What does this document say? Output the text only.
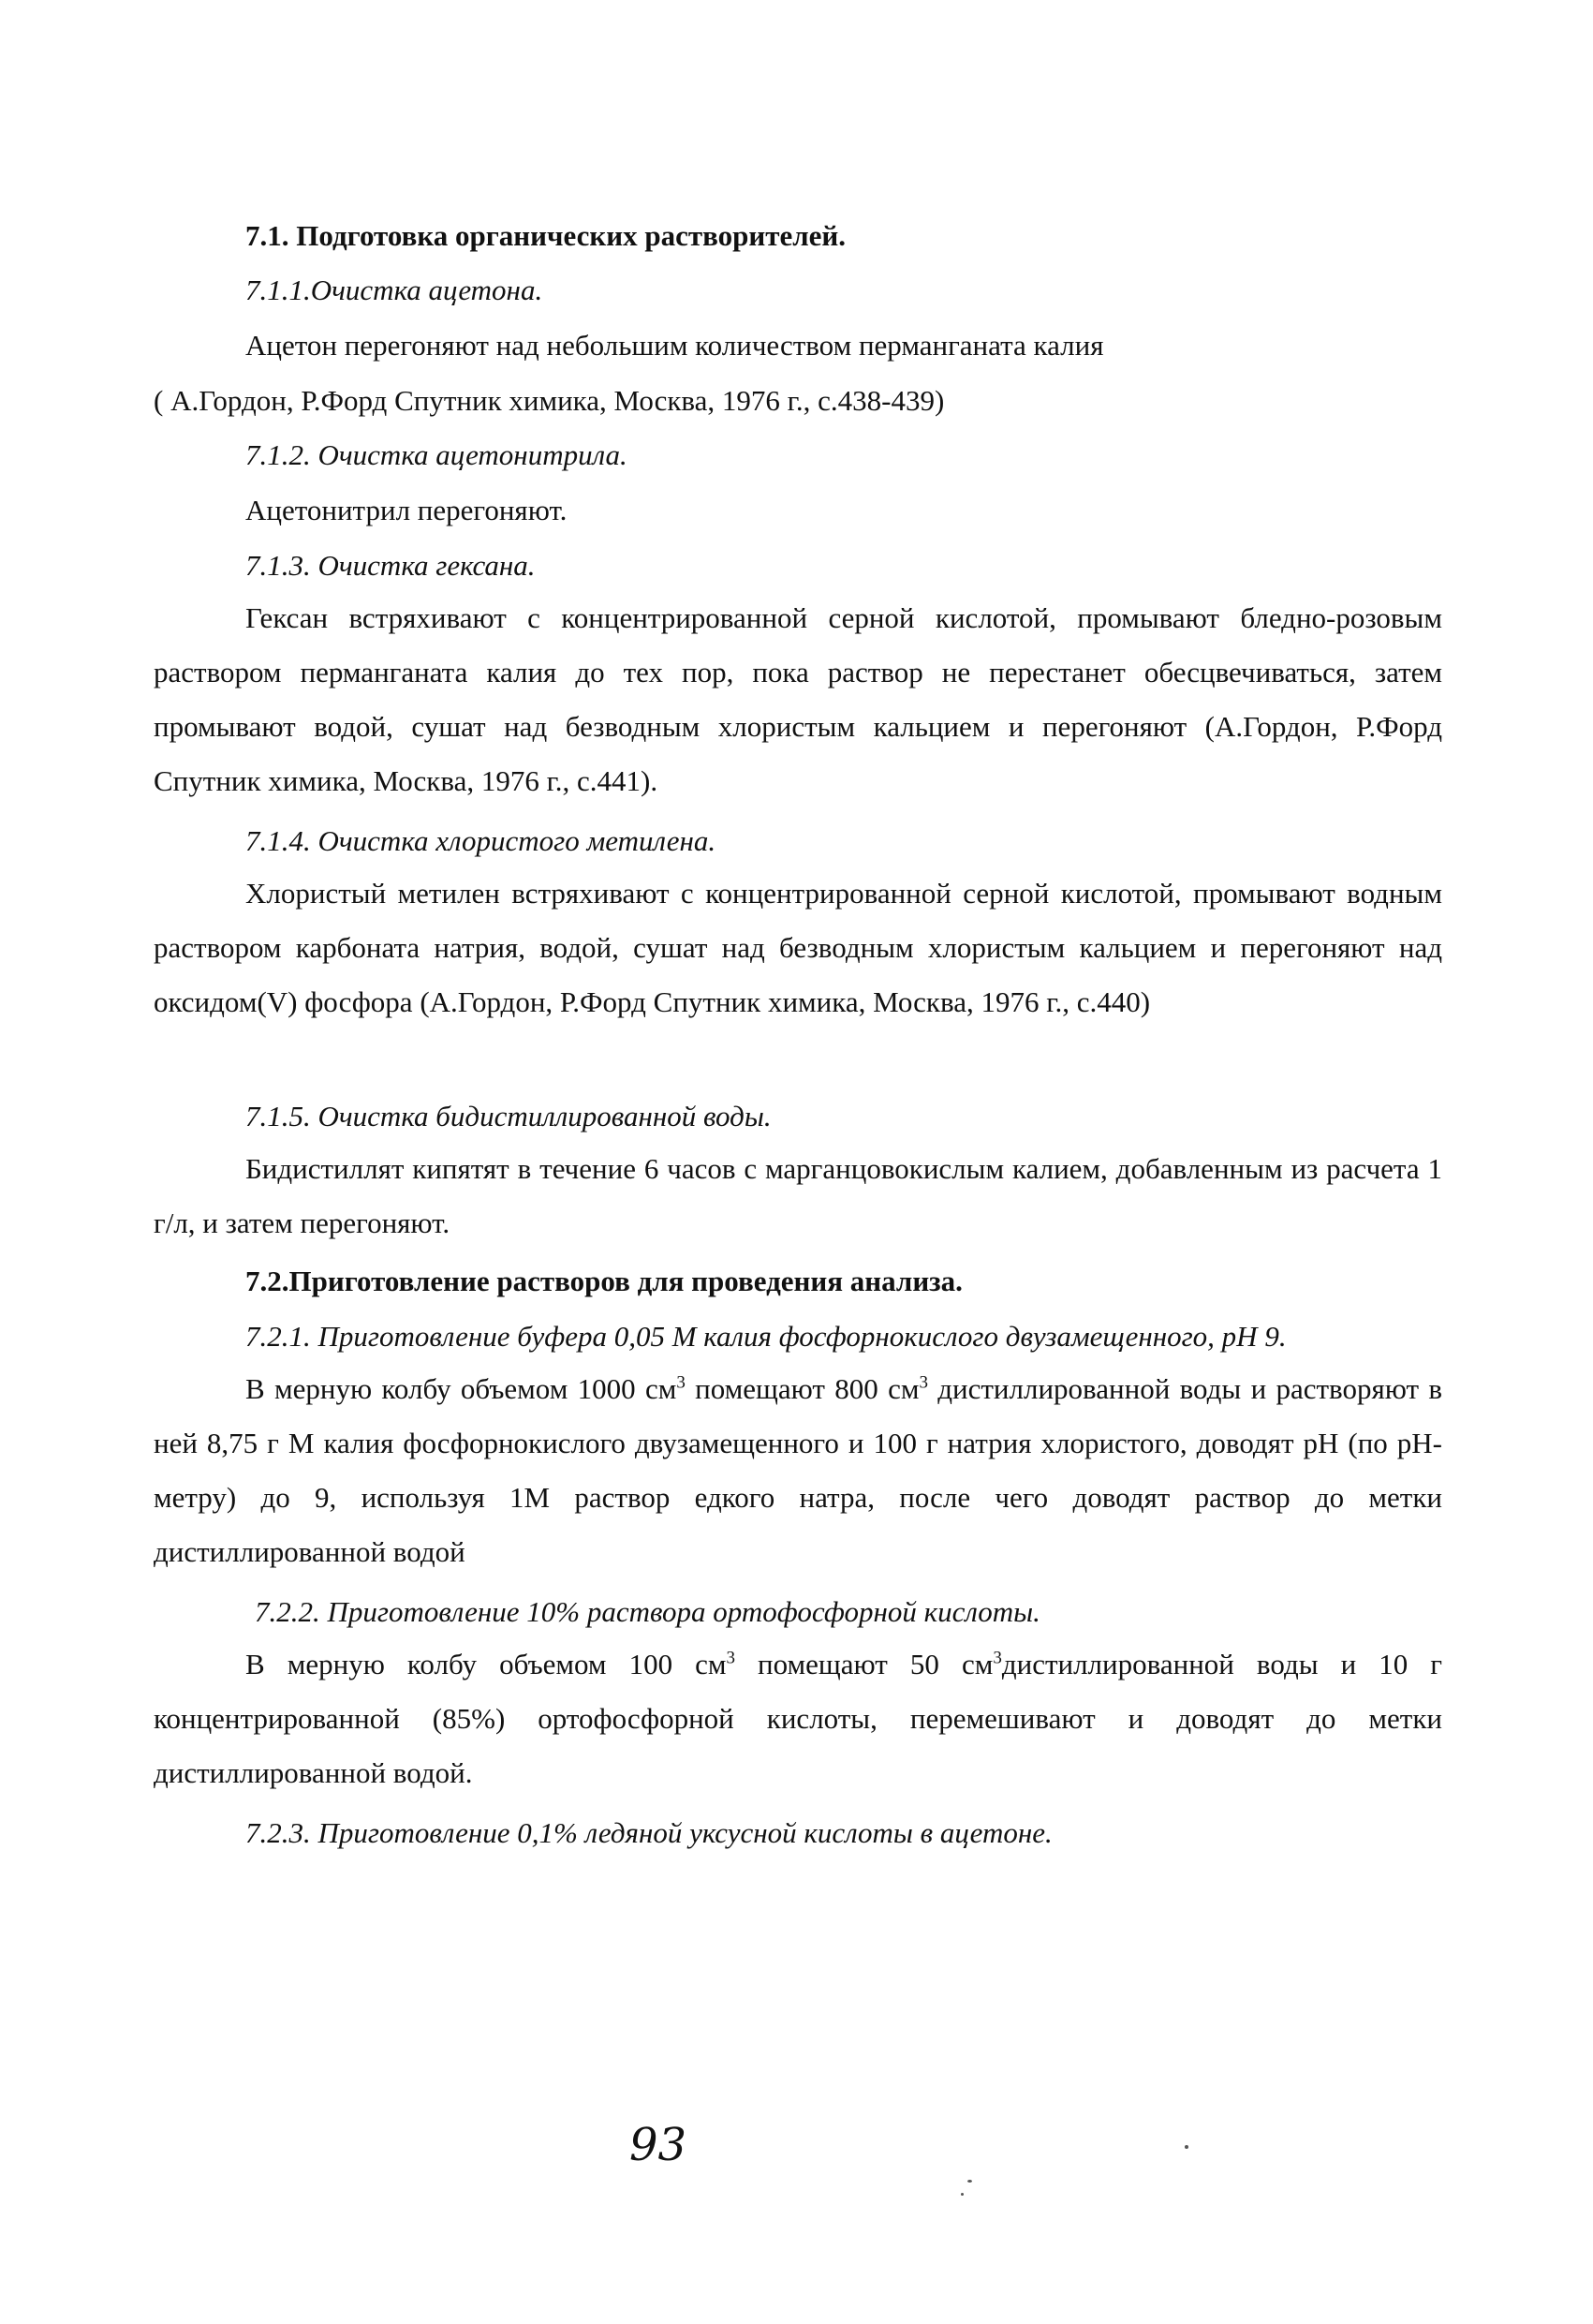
7.1. Подготовка органических растворителей.
7.1.1.Очистка ацетона.
Ацетон перегоняют над небольшим количеством перманганата калия
( А.Гордон, Р.Форд Спутник химика, Москва, 1976 г., с.438-439)
7.1.2. Очистка ацетонитрила.
Ацетонитрил перегоняют.
7.1.3. Очистка гексана.
Гексан встряхивают с концентрированной серной кислотой, промывают бледно-розовым раствором перманганата калия до тех пор, пока раствор не перестанет обесцвечиваться, затем промывают водой, сушат над безводным хлористым кальцием и перегоняют (А.Гордон, Р.Форд Спутник химика, Москва, 1976 г., с.441).
7.1.4. Очистка хлористого метилена.
Хлористый метилен встряхивают с концентрированной серной кислотой, промывают водным раствором карбоната натрия, водой, сушат над безводным хлористым кальцием и перегоняют над оксидом(V) фосфора (А.Гордон, Р.Форд Спутник химика, Москва, 1976 г., с.440)
7.1.5. Очистка бидистиллированной воды.
Бидистиллят кипятят в течение 6 часов с марганцовокислым калием, добавленным из расчета 1 г/л, и затем перегоняют.
7.2.Приготовление растворов для проведения анализа.
7.2.1. Приготовление буфера 0,05 М калия фосфорнокислого двузамещенного, рН 9.
В мерную колбу объемом 1000 $см^3$ помещают 800 $см^3$ дистиллированной воды и растворяют в ней 8,75 г М калия фосфорнокислого двузамещенного и 100 г натрия хлористого, доводят рН (по рН-метру) до 9, используя 1М раствор едкого натра, после чего доводят раствор до метки дистиллированной водой
7.2.2. Приготовление 10% раствора ортофосфорной кислоты.
В мерную колбу объемом 100 $см^3$ помещают 50 $см^3дистиллированной$ воды и 10 г концентрированной (85%) ортофосфорной кислоты, перемешивают и доводят до метки дистиллированной водой.
7.2.3. Приготовление 0,1% ледяной уксусной кислоты в ацетоне.
93
